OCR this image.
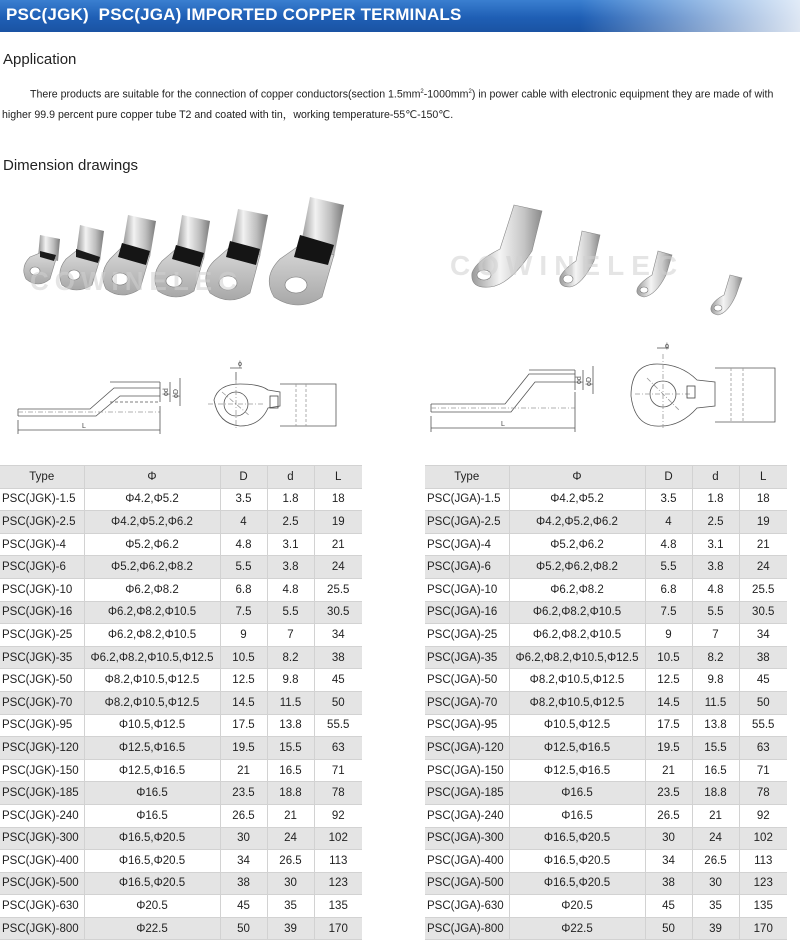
PSC(JGK)  PSC(JGA) IMPORTED COPPER TERMINALS
Application
There products are suitable for the connection of copper conductors(section $1.5mm^2-1000mm^2$) in power cable with electronic equipment they are made of with higher 99.9 percent pure copper tube T2 and coated with tin，working temperature-55℃-150℃.
Dimension drawings
COWINELEC	COWINELEC
L
ϕd ϕD
ϕ
L
ϕd ϕD
ϕ
Type	Φ	D	d	L
PSC(JGK)-1.5	Φ4.2,Φ5.2	3.5	1.8	18
PSC(JGK)-2.5	Φ4.2,Φ5.2,Φ6.2	4	2.5	19
PSC(JGK)-4	Φ5.2,Φ6.2	4.8	3.1	21
PSC(JGK)-6	Φ5.2,Φ6.2,Φ8.2	5.5	3.8	24
PSC(JGK)-10	Φ6.2,Φ8.2	6.8	4.8	25.5
PSC(JGK)-16	Φ6.2,Φ8.2,Φ10.5	7.5	5.5	30.5
PSC(JGK)-25	Φ6.2,Φ8.2,Φ10.5	9	7	34
PSC(JGK)-35	Φ6.2,Φ8.2,Φ10.5,Φ12.5	10.5	8.2	38
PSC(JGK)-50	Φ8.2,Φ10.5,Φ12.5	12.5	9.8	45
PSC(JGK)-70	Φ8.2,Φ10.5,Φ12.5	14.5	11.5	50
PSC(JGK)-95	Φ10.5,Φ12.5	17.5	13.8	55.5
PSC(JGK)-120	Φ12.5,Φ16.5	19.5	15.5	63
PSC(JGK)-150	Φ12.5,Φ16.5	21	16.5	71
PSC(JGK)-185	Φ16.5	23.5	18.8	78
PSC(JGK)-240	Φ16.5	26.5	21	92
PSC(JGK)-300	Φ16.5,Φ20.5	30	24	102
PSC(JGK)-400	Φ16.5,Φ20.5	34	26.5	113
PSC(JGK)-500	Φ16.5,Φ20.5	38	30	123
PSC(JGK)-630	Φ20.5	45	35	135
PSC(JGK)-800	Φ22.5	50	39	170
Type	Φ	D	d	L
PSC(JGA)-1.5	Φ4.2,Φ5.2	3.5	1.8	18
PSC(JGA)-2.5	Φ4.2,Φ5.2,Φ6.2	4	2.5	19
PSC(JGA)-4	Φ5.2,Φ6.2	4.8	3.1	21
PSC(JGA)-6	Φ5.2,Φ6.2,Φ8.2	5.5	3.8	24
PSC(JGA)-10	Φ6.2,Φ8.2	6.8	4.8	25.5
PSC(JGA)-16	Φ6.2,Φ8.2,Φ10.5	7.5	5.5	30.5
PSC(JGA)-25	Φ6.2,Φ8.2,Φ10.5	9	7	34
PSC(JGA)-35	Φ6.2,Φ8.2,Φ10.5,Φ12.5	10.5	8.2	38
PSC(JGA)-50	Φ8.2,Φ10.5,Φ12.5	12.5	9.8	45
PSC(JGA)-70	Φ8.2,Φ10.5,Φ12.5	14.5	11.5	50
PSC(JGA)-95	Φ10.5,Φ12.5	17.5	13.8	55.5
PSC(JGA)-120	Φ12.5,Φ16.5	19.5	15.5	63
PSC(JGA)-150	Φ12.5,Φ16.5	21	16.5	71
PSC(JGA)-185	Φ16.5	23.5	18.8	78
PSC(JGA)-240	Φ16.5	26.5	21	92
PSC(JGA)-300	Φ16.5,Φ20.5	30	24	102
PSC(JGA)-400	Φ16.5,Φ20.5	34	26.5	113
PSC(JGA)-500	Φ16.5,Φ20.5	38	30	123
PSC(JGA)-630	Φ20.5	45	35	135
PSC(JGA)-800	Φ22.5	50	39	170
